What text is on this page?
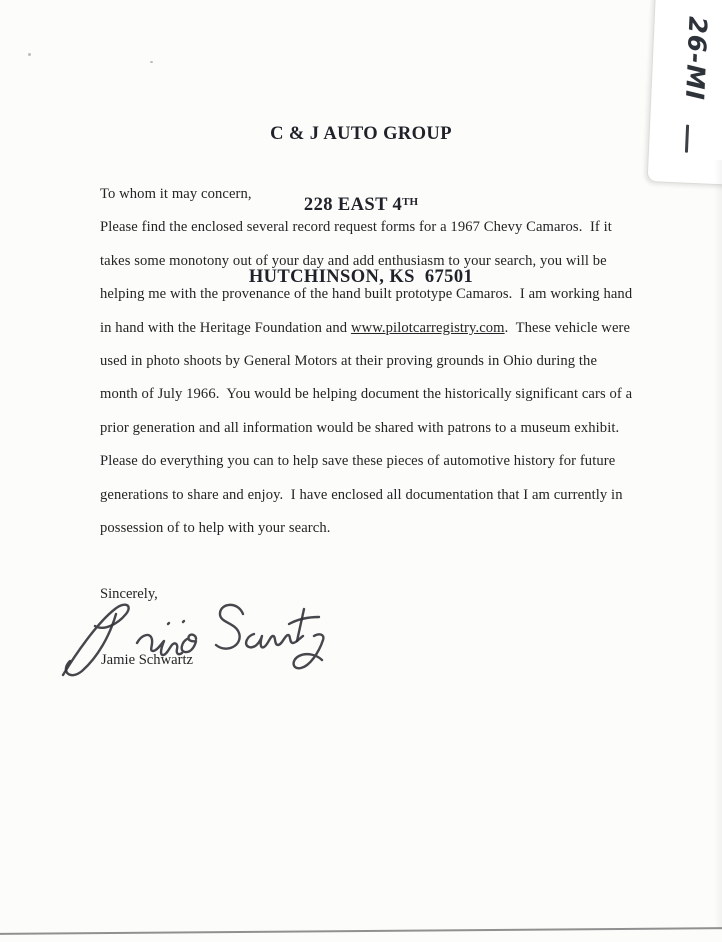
C & J AUTO GROUP

228 EAST 4TH

HUTCHINSON, KS  67501

To whom it may concern,
Please find the enclosed several record request forms for a 1967 Chevy Camaros.  If it
takes some monotony out of your day and add enthusiasm to your search, you will be
helping me with the provenance of the hand built prototype Camaros.  I am working hand
in hand with the Heritage Foundation and www.pilotcarregistry.com.  These vehicle were
used in photo shoots by General Motors at their proving grounds in Ohio during the
month of July 1966.  You would be helping document the historically significant cars of a
prior generation and all information would be shared with patrons to a museum exhibit.
Please do everything you can to help save these pieces of automotive history for future
generations to share and enjoy.  I have enclosed all documentation that I am currently in
possession of to help with your search.
Sincerely,
Jamie Schwartz
26-MI
